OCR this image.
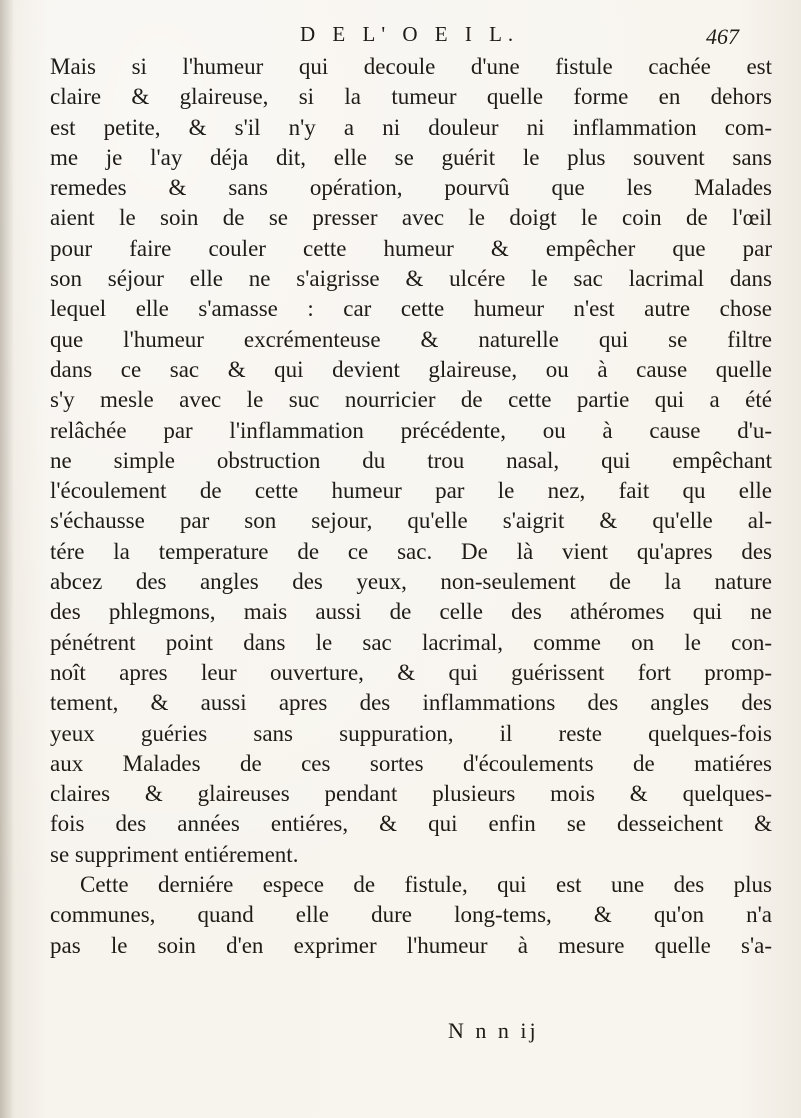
D E L' O E I L.	467
Mais si l'humeur qui decoule d'une fistule cachée est
claire & glaireuse, si la tumeur quelle forme en dehors
est petite, & s'il n'y a ni douleur ni inflammation com-
me je l'ay déja dit, elle se guérit le plus souvent sans
remedes & sans opération, pourvû que les Malades
aient le soin de se presser avec le doigt le coin de l'œil
pour faire couler cette humeur & empêcher que par
son séjour elle ne s'aigrisse & ulcére le sac lacrimal dans
lequel elle s'amasse : car cette humeur n'est autre chose
que l'humeur excrémenteuse & naturelle qui se filtre
dans ce sac & qui devient glaireuse, ou à cause quelle
s'y mesle avec le suc nourricier de cette partie qui a été
relâchée par l'inflammation précédente, ou à cause d'u-
ne simple obstruction du trou nasal, qui empêchant
l'écoulement de cette humeur par le nez, fait qu elle
s'échausse par son sejour, qu'elle s'aigrit & qu'elle al-
tére la temperature de ce sac. De là vient qu'apres des
abcez des angles des yeux, non-seulement de la nature
des phlegmons, mais aussi de celle des athéromes qui ne
pénétrent point dans le sac lacrimal, comme on le con-
noît apres leur ouverture, & qui guérissent fort promp-
tement, & aussi apres des inflammations des angles des
yeux guéries sans suppuration, il reste quelques-fois
aux Malades de ces sortes d'écoulements de matiéres
claires & glaireuses pendant plusieurs mois & quelques-
fois des années entiéres, & qui enfin se desseichent &
se suppriment entiérement.
Cette derniére espece de fistule, qui est une des plus
communes, quand elle dure long-tems, & qu'on n'a
pas le soin d'en exprimer l'humeur à mesure quelle s'a-
N n n ij
